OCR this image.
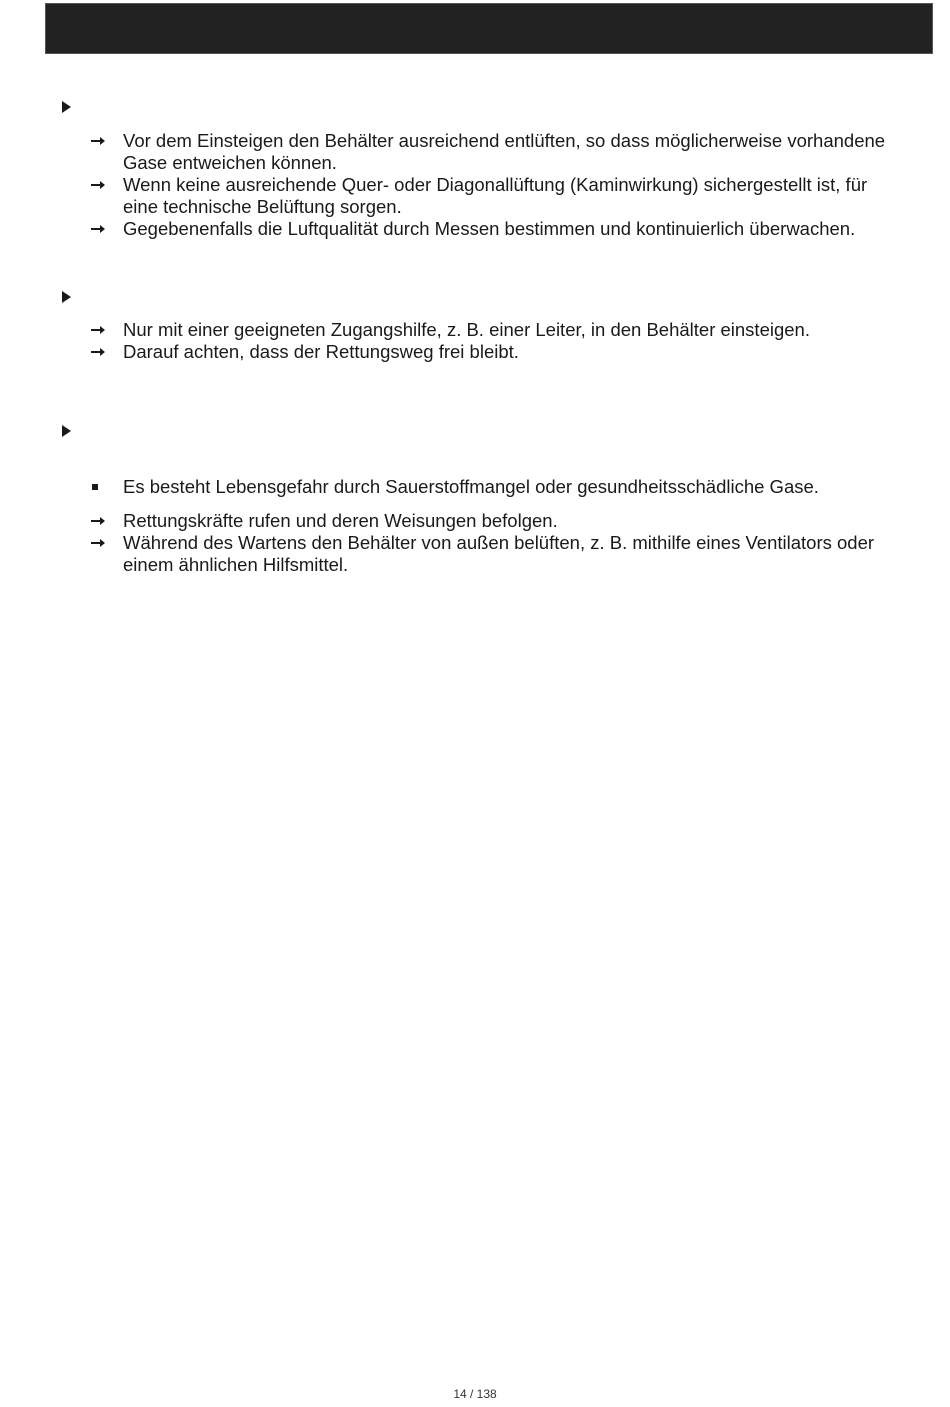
Vor dem Einsteigen den Behälter ausreichend entlüften, so dass möglicherweise vorhandene Gase entweichen können.
Wenn keine ausreichende Quer- oder Diagonallüftung (Kaminwirkung) sichergestellt ist, für eine technische Belüftung sorgen.
Gegebenenfalls die Luftqualität durch Messen bestimmen und kontinuierlich überwachen.
Nur mit einer geeigneten Zugangshilfe, z. B. einer Leiter, in den Behälter einsteigen.
Darauf achten, dass der Rettungsweg frei bleibt.
Es besteht Lebensgefahr durch Sauerstoffmangel oder gesundheitsschädliche Gase.
Rettungskräfte rufen und deren Weisungen befolgen.
Während des Wartens den Behälter von außen belüften, z. B. mithilfe eines Ventilators oder einem ähnlichen Hilfsmittel.
14 / 138
